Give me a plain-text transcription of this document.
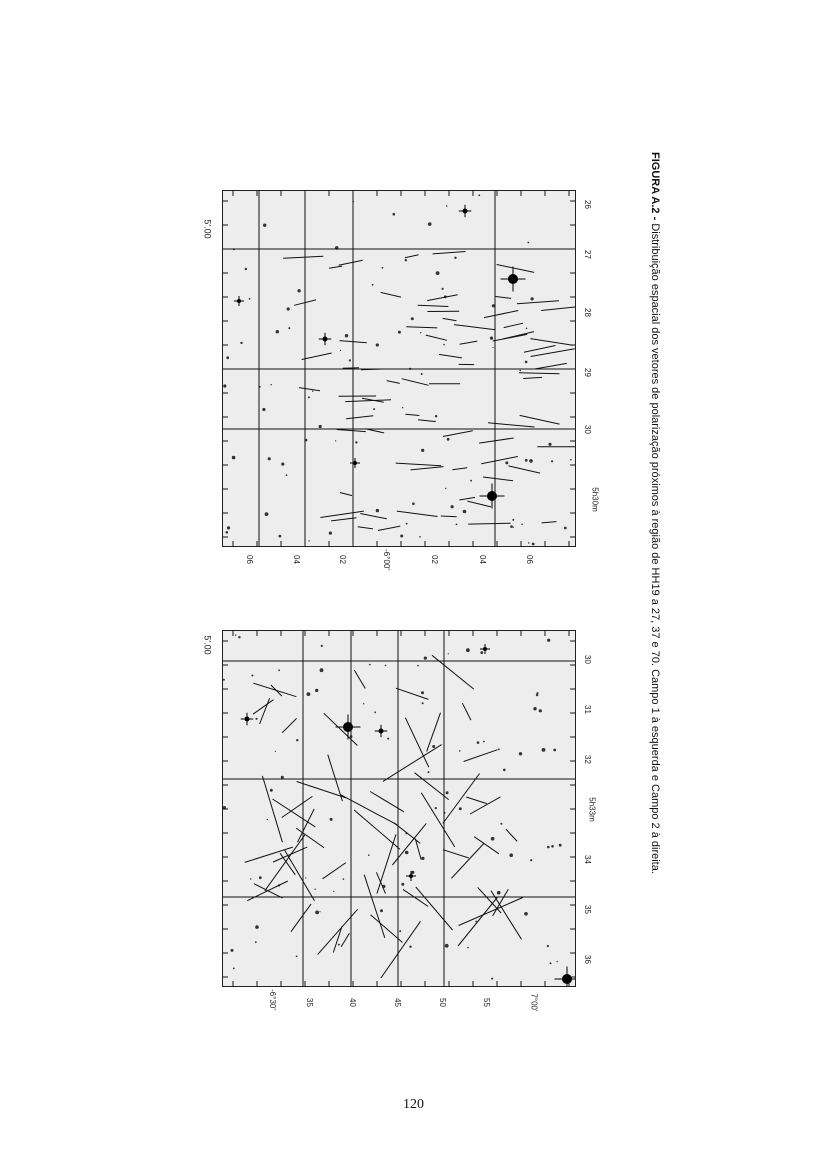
5'.00
36
35
34
5h33m
32
31
30
-6°30'	35	40	45	50	55	7°00'
5'.00
5h30m
30
29
28
27
26
06	04	02	-6°00'	02	04	06
FIGURA A.2 - Distribuição espacial dos vetores de polarização próximos à região de HH19 a 27, 37 e 70. Campo 1 à esquerda e Campo 2 à direita.
120
